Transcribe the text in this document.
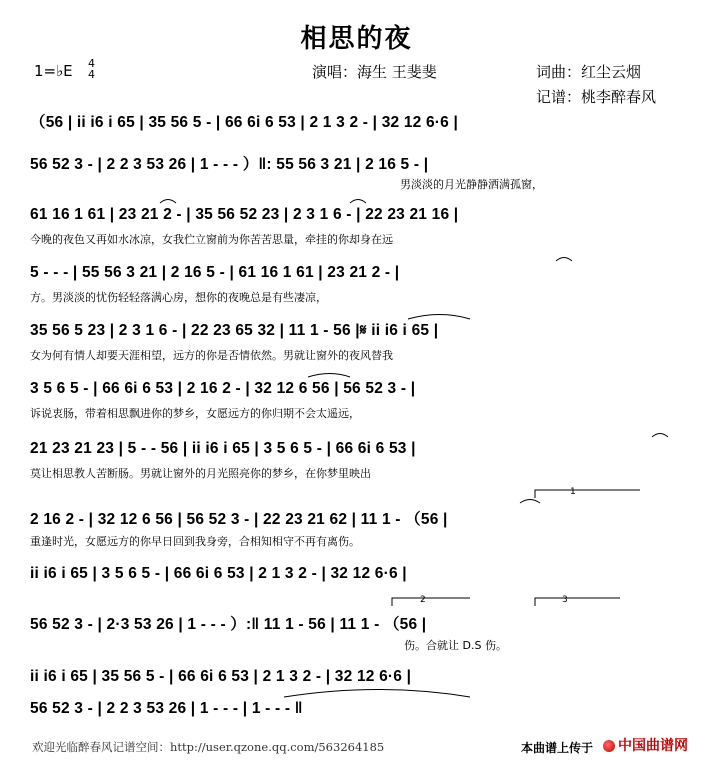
相思的夜
1=♭E 4
4	演唱：海生 王斐斐	词曲：红尘云烟
记谱：桃李醉春风
（56 | ii i6 i 65 | 35 56 5 - | 66 6i 6 53 | 2 1 3 2 - | 32 12 6·6 |
56 52 3 - | 2 2 3 53 26 | 1 - - - ）‖: 55 56 3 21 | 2 16 5 - |
男淡淡的月光静静洒满孤窗，
61 16 1 61 | 23 21 2 - | 35 56 52 23 | 2 3 1 6 - | 22 23 21 16 |
今晚的夜色又再如水冰凉，女我伫立窗前为你苦苦思量，牵挂的你却身在远
5 - - - | 55 56 3 21 | 2 16 5 - | 61 16 1 61 | 23 21 2 - |
方。男淡淡的忧伤轻轻落满心房，想你的夜晚总是有些凄凉，
35 56 5 23 | 2 3 1 6 - | 22 23 65 32 | 11 1 - 56 |𝄋 ii i6 i 65 |
女为何有情人却要天涯相望，远方的你是否情依然。男就让窗外的夜风替我
3 5 6 5 - | 66 6i 6 53 | 2 16 2 - | 32 12 6 56 | 56 52 3 - |
诉说衷肠，带着相思飘进你的梦乡，女愿远方的你归期不会太遥远，
21 23 21 23 | 5 - - 56 | ii i6 i 65 | 3 5 6 5 - | 66 6i 6 53 |
莫让相思教人苦断肠。男就让窗外的月光照亮你的梦乡，在你梦里映出
2 16 2 - | 32 12 6 56 | 56 52 3 - | 22 23 21 62 | 11 1 - （56 |
重逢时光，女愿远方的你早日回到我身旁，合相知相守不再有离伤。
ii i6 i 65 | 3 5 6 5 - | 66 6i 6 53 | 2 1 3 2 - | 32 12 6·6 |
56 52 3 - | 2·3 53 26 | 1 - - - ）:‖ 11 1 - 56 | 11 1 - （56 |
伤。合就让 D.S 伤。
ii i6 i 65 | 35 56 5 - | 66 6i 6 53 | 2 1 3 2 - | 32 12 6·6 |
56 52 3 - | 2 2 3 53 26 | 1 - - - | 1 - - - ‖
1
2	3
欢迎光临醉春风记谱空间：http://user.qzone.qq.com/563264185	本曲谱上传于	中国曲谱网
